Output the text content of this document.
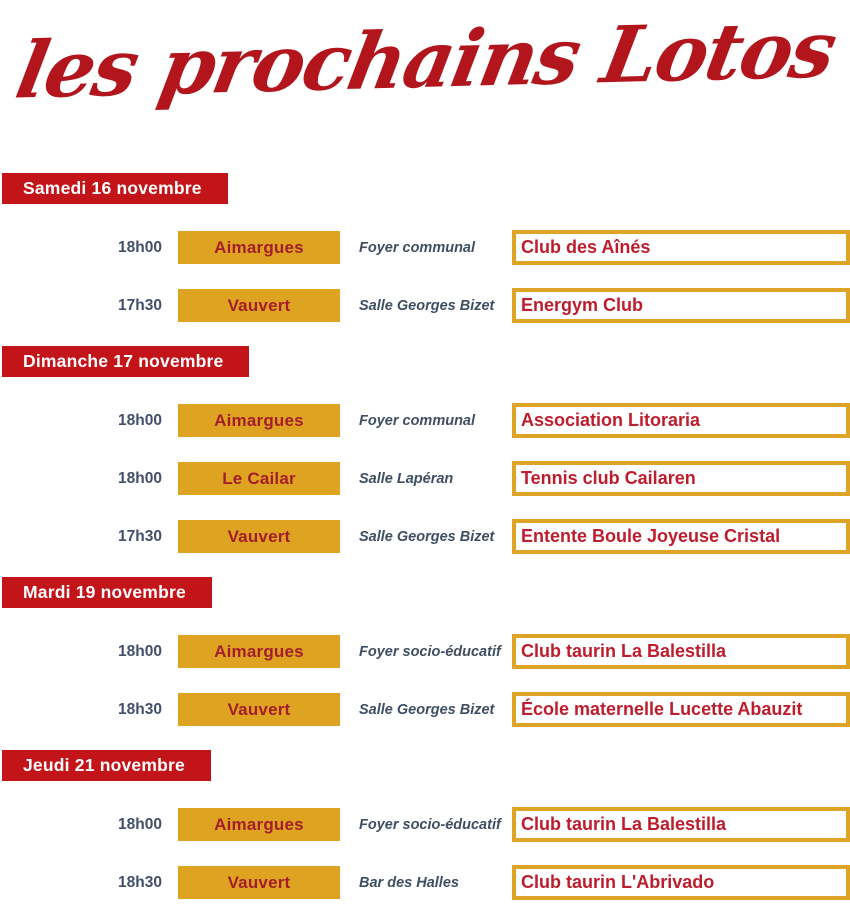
les prochains Lotos
Samedi 16 novembre
18h00	Aimargues	Foyer communal	Club des Aînés
17h30	Vauvert	Salle Georges Bizet	Energym Club
Dimanche 17 novembre
18h00	Aimargues	Foyer communal	Association Litoraria
18h00	Le Cailar	Salle Lapéran	Tennis club Cailaren
17h30	Vauvert	Salle Georges Bizet	Entente Boule Joyeuse Cristal
Mardi 19 novembre
18h00	Aimargues	Foyer socio-éducatif	Club taurin La Balestilla
18h30	Vauvert	Salle Georges Bizet	École maternelle Lucette Abauzit
Jeudi 21 novembre
18h00	Aimargues	Foyer socio-éducatif	Club taurin La Balestilla
18h30	Vauvert	Bar des Halles	Club taurin L'Abrivado
